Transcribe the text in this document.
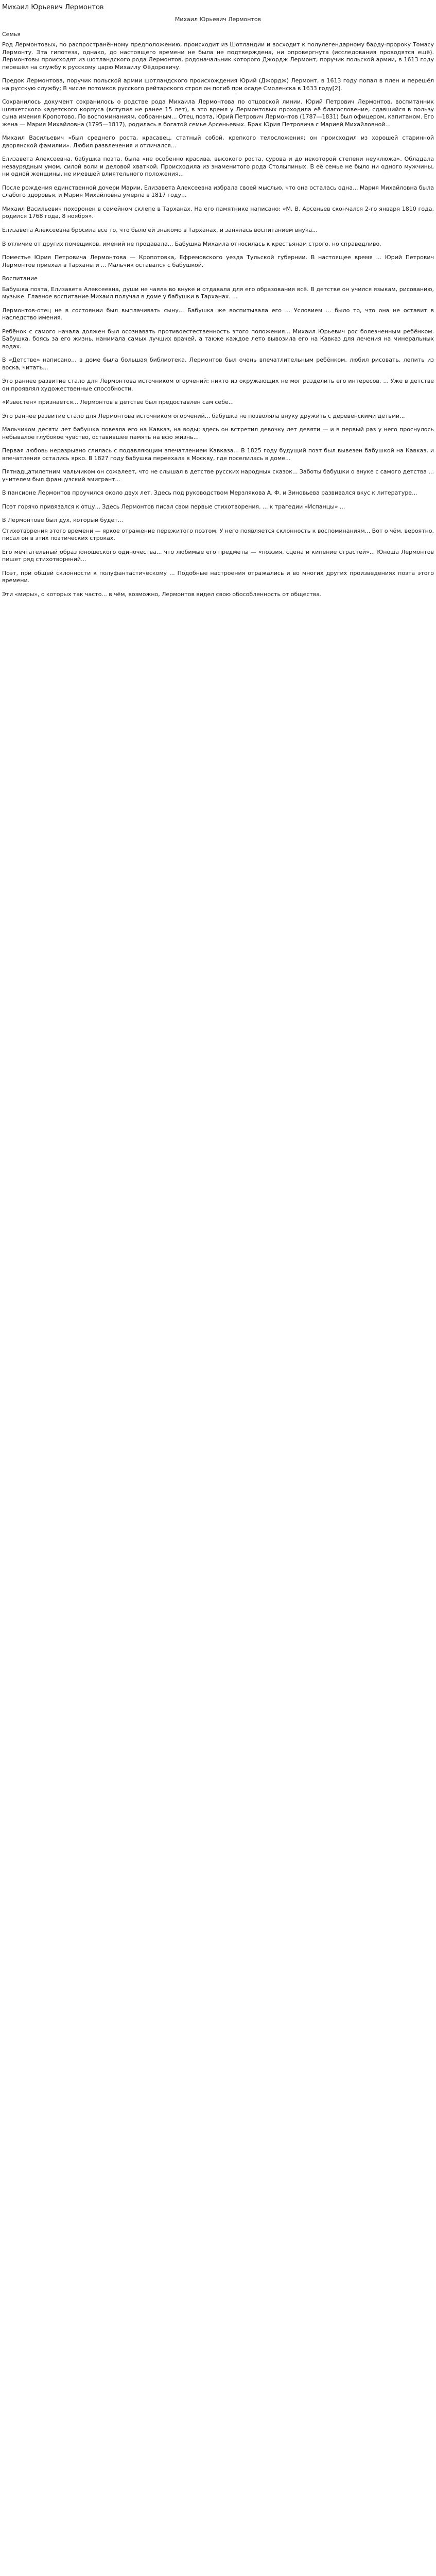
Михаил Юрьевич Лермонтов
Михаил Юрьевич Лермонтов

Семья

Род Лермонтовых, по распространённому предположению, происходит из Шотландии и восходит к полулегендарному барду-пророку Томасу Лермонту. Эта гипотеза, однако, до настоящего времени не была не подтверждена, ни опровергнута (исследования проводятся ещё). Лермонтовы происходят из шотландского рода Лермонтов, родоначальник которого Джордж Лермонт, поручик польской армии, в 1613 году перешёл на службу к русскому царю Михаилу Фёдоровичу.

Предок Лермонтова, поручик польской армии шотландского происхождения Юрий (Джордж) Лермонт, в 1613 году попал в плен и перешёл на русскую службу; В числе потомков русского рейтарского строя он погиб при осаде Смоленска в 1633 году[2].

Сохранилось документ сохранилось о родстве рода Михаила Лермонтова по отцовской линии. Юрий Петрович Лермонтов, воспитанник шляхетского кадетского корпуса (вступил не ранее 15 лет), в это время у Лермонтовых проходила её благословение, сдавшийся в пользу сына имения Кропотово. По воспоминаниям, собранным... Отец поэта, Юрий Петрович Лермонтов (1787—1831) был офицером, капитаном. Его жена — Мария Михайловна (1795—1817), родилась в богатой семье Арсеньевых. Брак Юрия Петровича с Марией Михайловной...

Михаил Васильевич «был среднего роста, красавец, статный собой, крепкого телосложения; он происходил из хорошей старинной дворянской фамилии». Любил развлечения и отличался...

Елизавета Алексеевна, бабушка поэта, была «не особенно красива, высокого роста, сурова и до некоторой степени неуклюжа». Обладала незаурядным умом, силой воли и деловой хваткой. Происходила из знаменитого рода Столыпиных. В её семье не было ни одного мужчины, ни одной женщины, не имевшей влиятельного положения...

После рождения единственной дочери Марии, Елизавета Алексеевна избрала своей мыслью, что она осталась одна... Мария Михайловна была слабого здоровья, и Мария Михайловна умерла в 1817 году...

Михаил Васильевич похоронен в семейном склепе в Тарханах. На его памятнике написано: «М. В. Арсеньев скончался 2-го января 1810 года, родился 1768 года, 8 ноября».

Елизавета Алексеевна бросила всё то, что было ей знакомо в Тарханах, и занялась воспитанием внука...

В отличие от других помещиков, имений не продавала... Бабушка Михаила относилась к крестьянам строго, но справедливо.

Поместье Юрия Петровича Лермонтова — Кропотовка, Ефремовского уезда Тульской губернии. В настоящее время ... Юрий Петрович Лермонтов приехал в Тарханы и ... Мальчик оставался с бабушкой.

Воспитание

Бабушка поэта, Елизавета Алексеевна, души не чаяла во внуке и отдавала для его образования всё. В детстве он учился языкам, рисованию, музыке. Главное воспитание Михаил получал в доме у бабушки в Тарханах. ...

Лермонтов-отец не в состоянии был выплачивать сыну... Бабушка же воспитывала его ... Условием ... было то, что она не оставит в наследство имения.

Ребёнок с самого начала должен был осознавать противоестественность этого положения... Михаил Юрьевич рос болезненным ребёнком. Бабушка, боясь за его жизнь, нанимала самых лучших врачей, а также каждое лето вывозила его на Кавказ для лечения на минеральных водах.

В «Детстве» написано... в доме была большая библиотека. Лермонтов был очень впечатлительным ребёнком, любил рисовать, лепить из воска, читать...

Это раннее развитие стало для Лермонтова источником огорчений: никто из окружающих не мог разделить его интересов, ... Уже в детстве он проявлял художественные способности.

«Известен» признаётся... Лермонтов в детстве был предоставлен сам себе...

Это раннее развитие стало для Лермонтова источником огорчений... бабушка не позволяла внуку дружить с деревенскими детьми...

Мальчиком десяти лет бабушка повезла его на Кавказ, на воды; здесь он встретил девочку лет девяти — и в первый раз у него проснулось небывалое глубокое чувство, оставившее память на всю жизнь...

Первая любовь неразрывно слилась с подавляющим впечатлением Кавказа... В 1825 году будущий поэт был вывезен бабушкой на Кавказ, и впечатления остались ярко. В 1827 году бабушка переехала в Москву, где поселилась в доме...

Пятнадцатилетним мальчиком он сожалеет, что не слышал в детстве русских народных сказок... Заботы бабушки о внуке с самого детства ... учителем был французский эмигрант...

В пансионе Лермонтов проучился около двух лет. Здесь под руководством Мерзлякова А. Ф. и Зиновьева развивался вкус к литературе...

Поэт горячо привязался к отцу... Здесь Лермонтов писал свои первые стихотворения. ... к трагедии «Испанцы» ...

В Лермонтове был дух, который будет...

Стихотворения этого времени — яркое отражение пережитого поэтом. У него появляется склонность к воспоминаниям... Вот о чём, вероятно, писал он в этих поэтических строках.

Его мечтательный образ юношеского одиночества... что любимые его предметы — «поэзия, сцена и кипение страстей»... Юноша Лермонтов пишет ряд стихотворений...

Поэт, при общей склонности к полуфантастическому ... Подобные настроения отражались и во многих других произведениях поэта этого времени.

Эти «миры», о которых так часто... в чём, возможно, Лермонтов видел свою обособленность от общества.
